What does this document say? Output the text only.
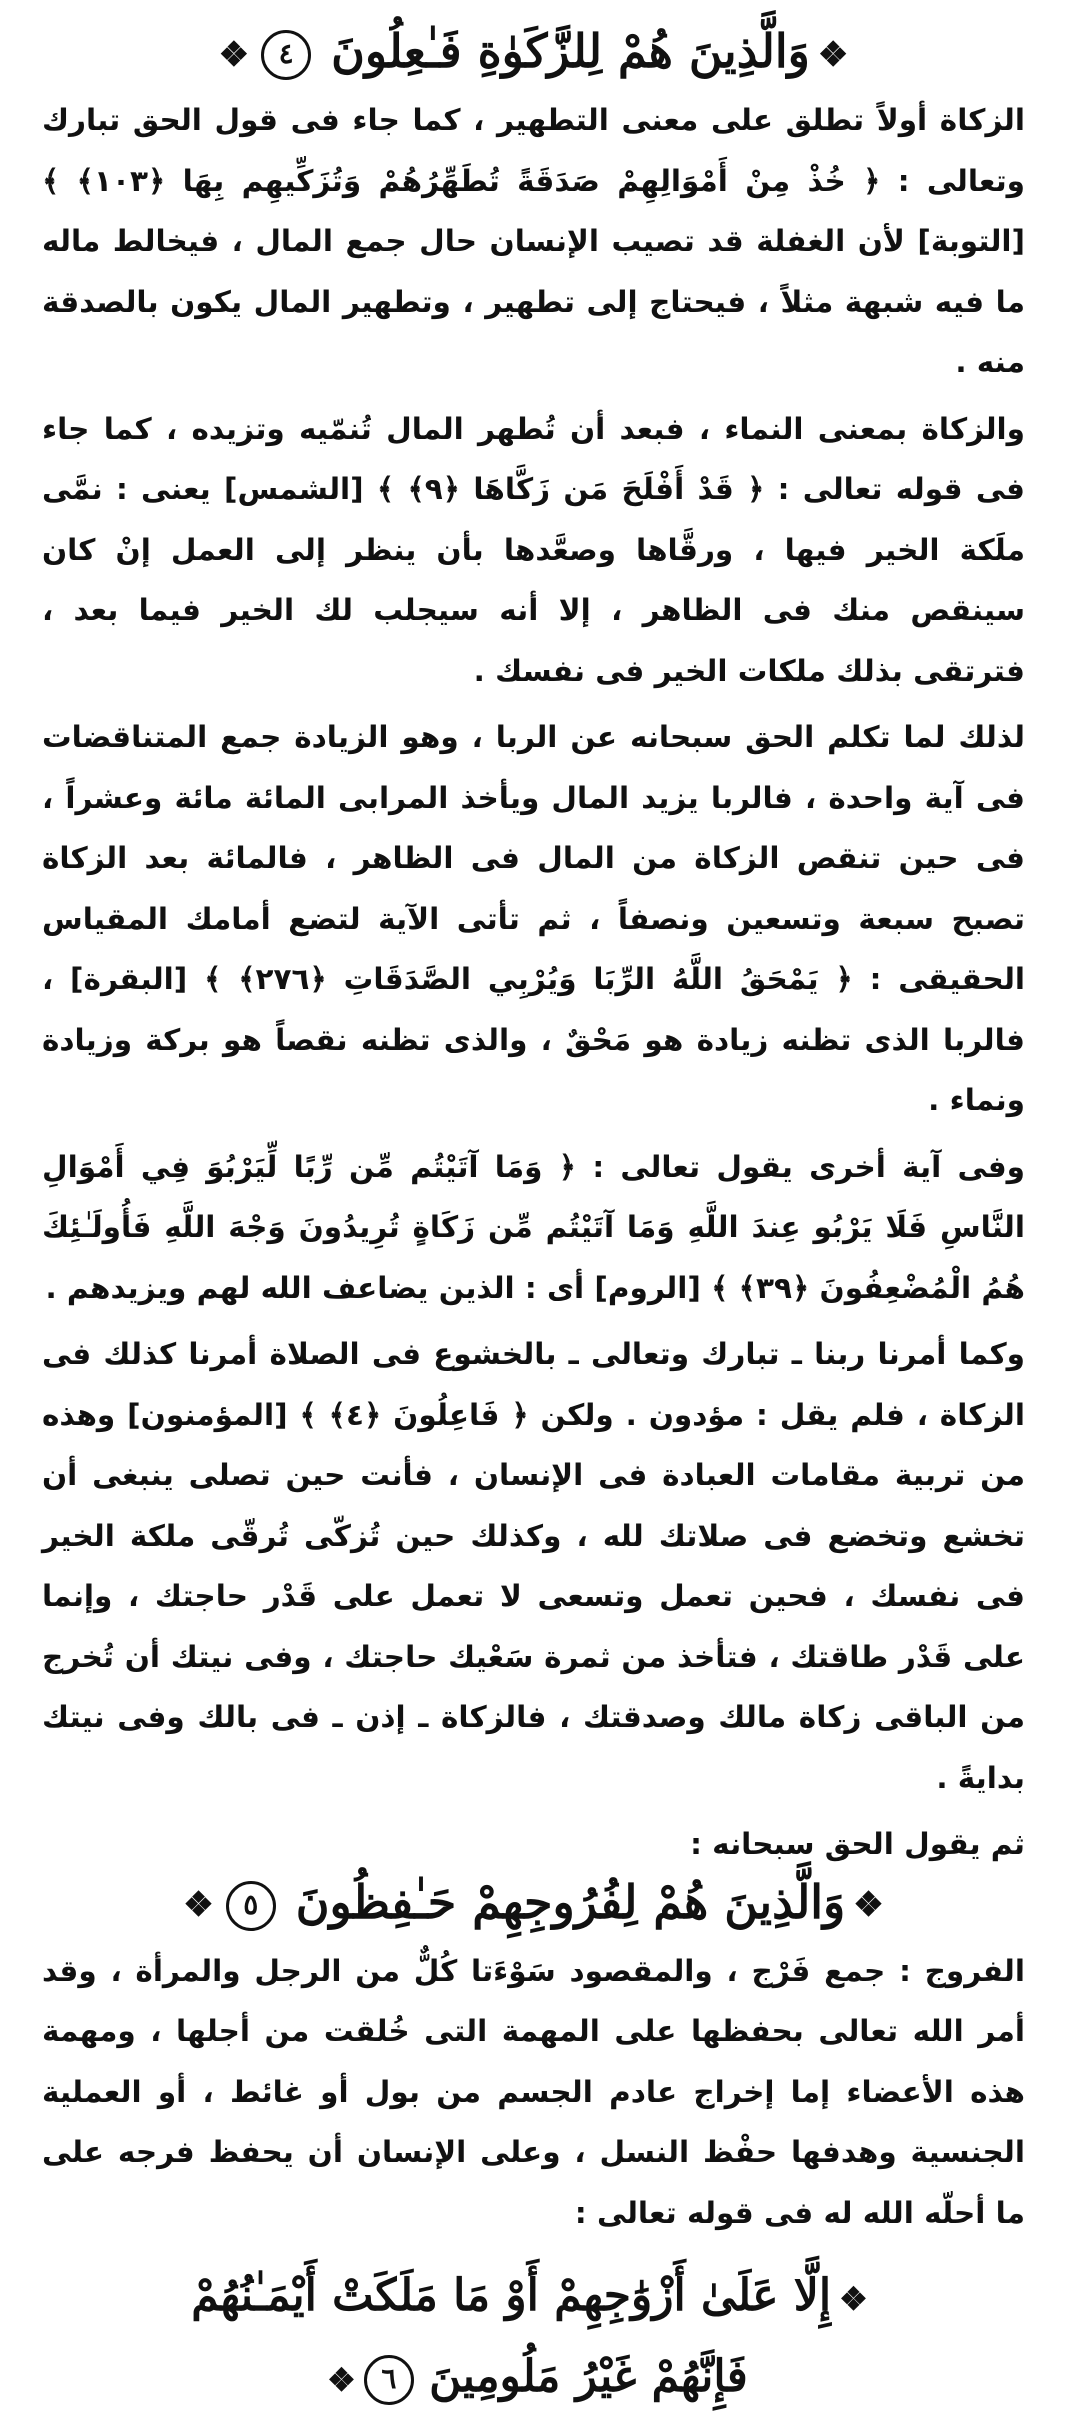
❖وَالَّذِينَ هُمْ لِلزَّكَوٰةِ فَـٰعِلُونَ ٤❖

الزكاة أولاً تطلق على معنى التطهير ، كما جاء فى قول الحق تبارك وتعالى : ﴿ خُذْ مِنْ أَمْوَالِهِمْ صَدَقَةً تُطَهِّرُهُمْ وَتُزَكِّيهِم بِهَا ﴿١٠٣﴾ ﴾ [التوبة] لأن الغفلة قد تصيب الإنسان حال جمع المال ، فيخالط ماله ما فيه شبهة مثلاً ، فيحتاج إلى تطهير ، وتطهير المال يكون بالصدقة منه .

والزكاة بمعنى النماء ، فبعد أن تُطهر المال تُنمّيه وتزيده ، كما جاء فى قوله تعالى : ﴿ قَدْ أَفْلَحَ مَن زَكَّاهَا ﴿٩﴾ ﴾ [الشمس] يعنى : نمَّى ملَكة الخير فيها ، ورقَّاها وصعَّدها بأن ينظر إلى العمل إنْ كان سينقص منك فى الظاهر ، إلا أنه سيجلب لك الخير فيما بعد ، فترتقى بذلك ملكات الخير فى نفسك .

لذلك لما تكلم الحق سبحانه عن الربا ، وهو الزيادة جمع المتناقضات فى آية واحدة ، فالربا يزيد المال ويأخذ المرابى المائة مائة وعشراً ، فى حين تنقص الزكاة من المال فى الظاهر ، فالمائة بعد الزكاة تصبح سبعة وتسعين ونصفاً ، ثم تأتى الآية لتضع أمامك المقياس الحقيقى : ﴿ يَمْحَقُ اللَّهُ الرِّبَا وَيُرْبِي الصَّدَقَاتِ ﴿٢٧٦﴾ ﴾ [البقرة] ، فالربا الذى تظنه زيادة هو مَحْقٌ ، والذى تظنه نقصاً هو بركة وزيادة ونماء .

وفى آية أخرى يقول تعالى : ﴿ وَمَا آتَيْتُم مِّن رِّبًا لِّيَرْبُوَ فِي أَمْوَالِ النَّاسِ فَلَا يَرْبُو عِندَ اللَّهِ وَمَا آتَيْتُم مِّن زَكَاةٍ تُرِيدُونَ وَجْهَ اللَّهِ فَأُولَـٰئِكَ هُمُ الْمُضْعِفُونَ ﴿٣٩﴾ ﴾ [الروم] أى : الذين يضاعف الله لهم ويزيدهم .

وكما أمرنا ربنا ـ تبارك وتعالى ـ بالخشوع فى الصلاة أمرنا كذلك فى الزكاة ، فلم يقل : مؤدون . ولكن ﴿ فَاعِلُونَ ﴿٤﴾ ﴾ [المؤمنون] وهذه من تربية مقامات العبادة فى الإنسان ، فأنت حين تصلى ينبغى أن تخشع وتخضع فى صلاتك لله ، وكذلك حين تُزكّى تُرقّى ملكة الخير فى نفسك ، فحين تعمل وتسعى لا تعمل على قَدْر حاجتك ، وإنما على قَدْر طاقتك ، فتأخذ من ثمرة سَعْيك حاجتك ، وفى نيتك أن تُخرج من الباقى زكاة مالك وصدقتك ، فالزكاة ـ إذن ـ فى بالك وفى نيتك بدايةً .

ثم يقول الحق سبحانه :

❖وَالَّذِينَ هُمْ لِفُرُوجِهِمْ حَـٰفِظُونَ ٥❖

الفروج : جمع فَرْج ، والمقصود سَوْءَتا كُلٌّ من الرجل والمرأة ، وقد أمر الله تعالى بحفظها على المهمة التى خُلقت من أجلها ، ومهمة هذه الأعضاء إما إخراج عادم الجسم من بول أو غائط ، أو العملية الجنسية وهدفها حفْظ النسل ، وعلى الإنسان أن يحفظ فرجه على ما أحلّه الله له فى قوله تعالى :

❖إِلَّا عَلَىٰ أَزْوَٰجِهِمْ أَوْ مَا مَلَكَتْ أَيْمَـٰنُهُمْ

فَإِنَّهُمْ غَيْرُ مَلُومِينَ ٦❖
